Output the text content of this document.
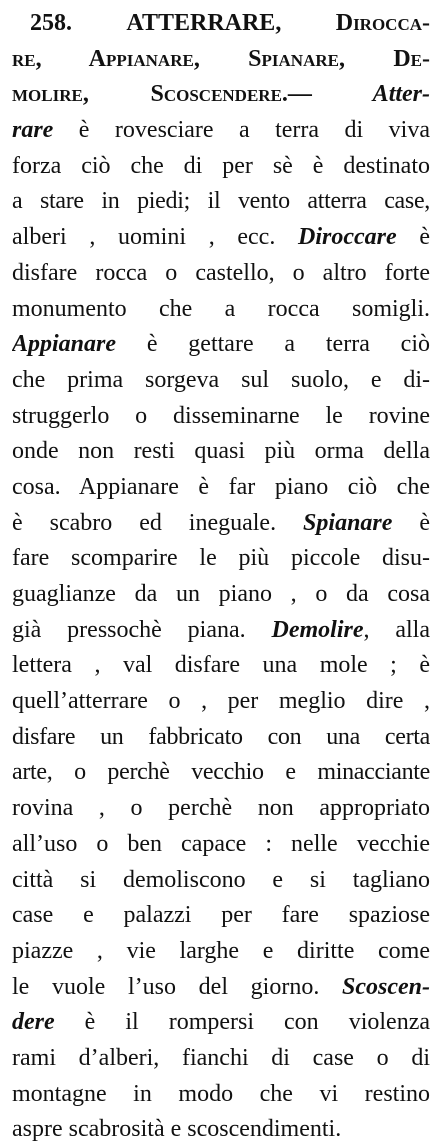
258. ATTERRARE, Dirocca-
re, Appianare, Spianare, De-
molire, Scoscendere.— Atter-
rare è rovesciare a terra di viva
forza ciò che di per sè è destinato
a stare in piedi; il vento atterra case,
alberi , uomini , ecc. Diroccare è
disfare rocca o castello, o altro forte
monumento che a rocca somigli.
Appianare è gettare a terra ciò
che prima sorgeva sul suolo, e di-
struggerlo o disseminarne le rovine
onde non resti quasi più orma della
cosa. Appianare è far piano ciò che
è scabro ed ineguale. Spianare è
fare scomparire le più piccole disu-
guaglianze da un piano , o da cosa
già pressochè piana. Demolire, alla
lettera , val disfare una mole ; è
quell’atterrare o , per meglio dire ,
disfare un fabbricato con una certa
arte, o perchè vecchio e minacciante
rovina , o perchè non appropriato
all’uso o ben capace : nelle vecchie
città si demoliscono e si tagliano
case e palazzi per fare spaziose
piazze , vie larghe e diritte come
le vuole l’uso del giorno. Scoscen-
dere è il rompersi con violenza
rami d’alberi, fianchi di case o di
montagne in modo che vi restino
aspre scabrosità e scoscendimenti.
